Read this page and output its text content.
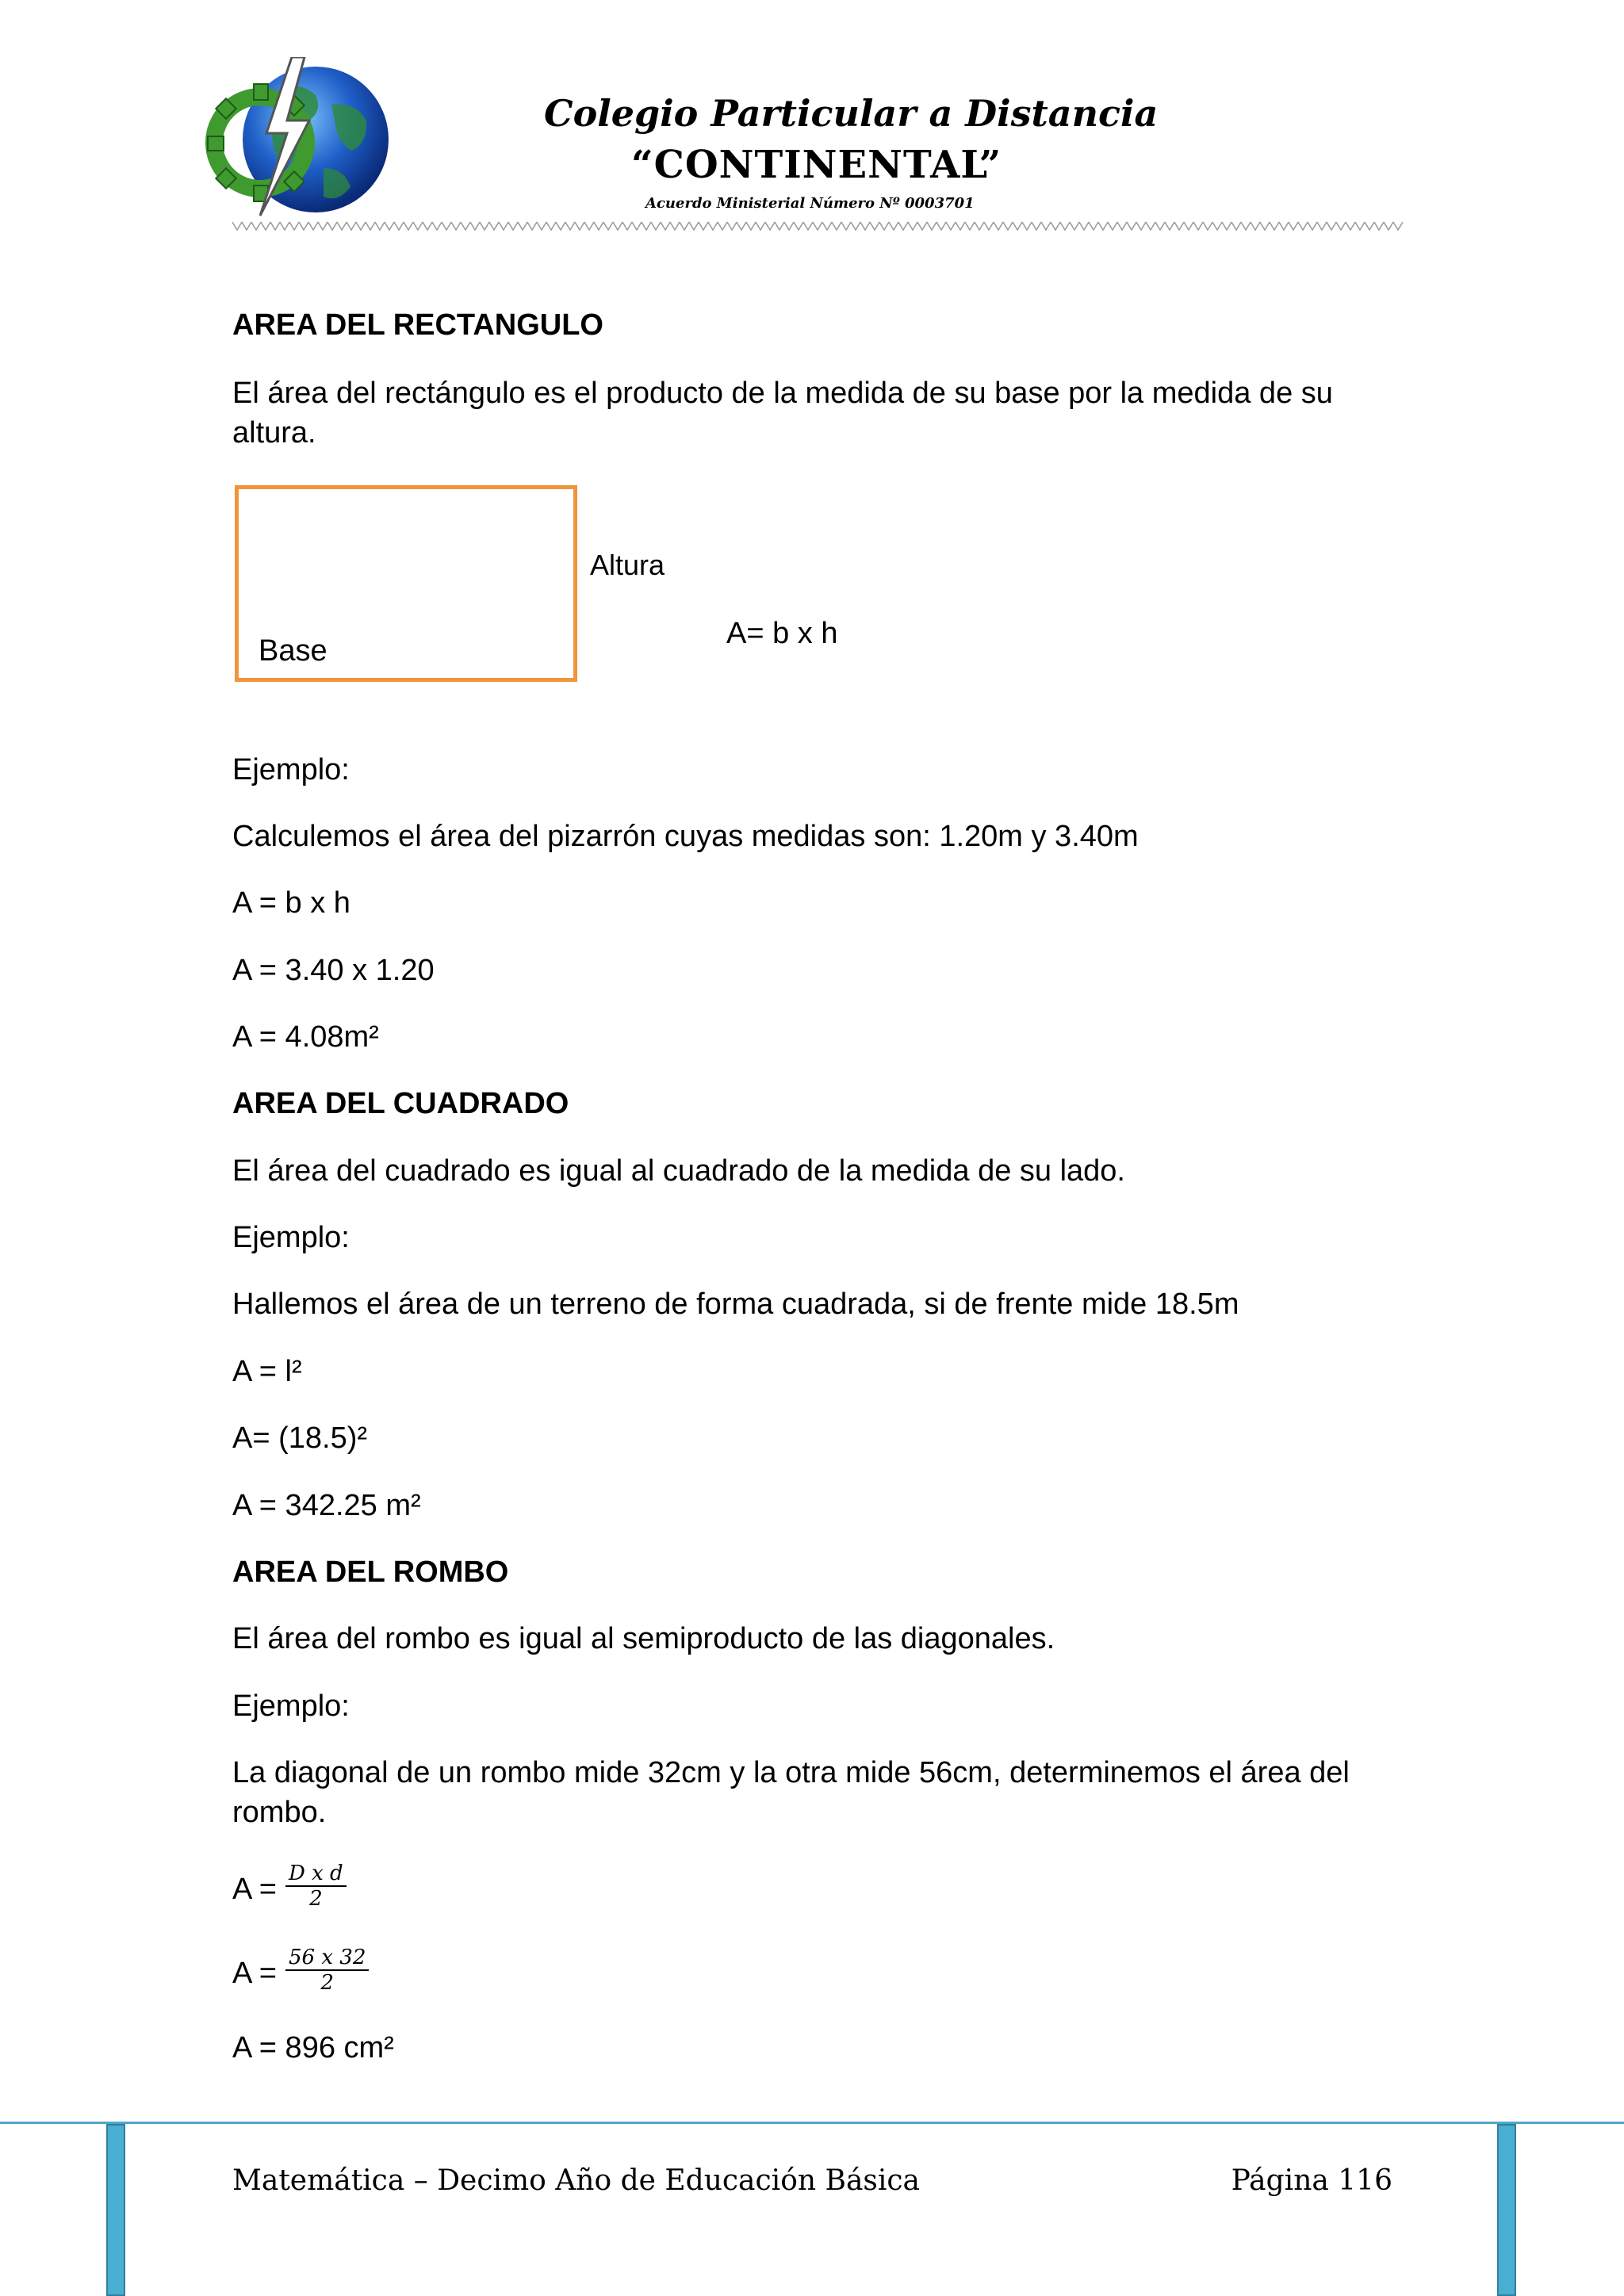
Colegio Particular a Distancia
“CONTINENTAL”
Acuerdo Ministerial Número Nº 0003701
AREA DEL RECTANGULO
El área del rectángulo es el producto de la medida de su base por la medida de su
altura.
Base
Altura
A= b x h
Ejemplo:
Calculemos el área del pizarrón cuyas medidas son: 1.20m y 3.40m
A = b x h
A = 3.40 x 1.20
A = 4.08m²
AREA DEL CUADRADO
El área del cuadrado es igual al cuadrado de la medida de su lado.
Ejemplo:
Hallemos el área de un terreno de forma cuadrada, si de frente mide 18.5m
A = l²
A= (18.5)²
A = 342.25 m²
AREA DEL ROMBO
El área del rombo es igual al semiproducto de las diagonales.
Ejemplo:
La diagonal de un rombo mide 32cm y la otra mide 56cm, determinemos el área del
rombo.
$A = \frac{\text{D x d}}{2}$
$A = \frac{56 x 32}{2}$
A = 896 cm²
Matemática – Decimo Año de Educación Básica	Página 116
